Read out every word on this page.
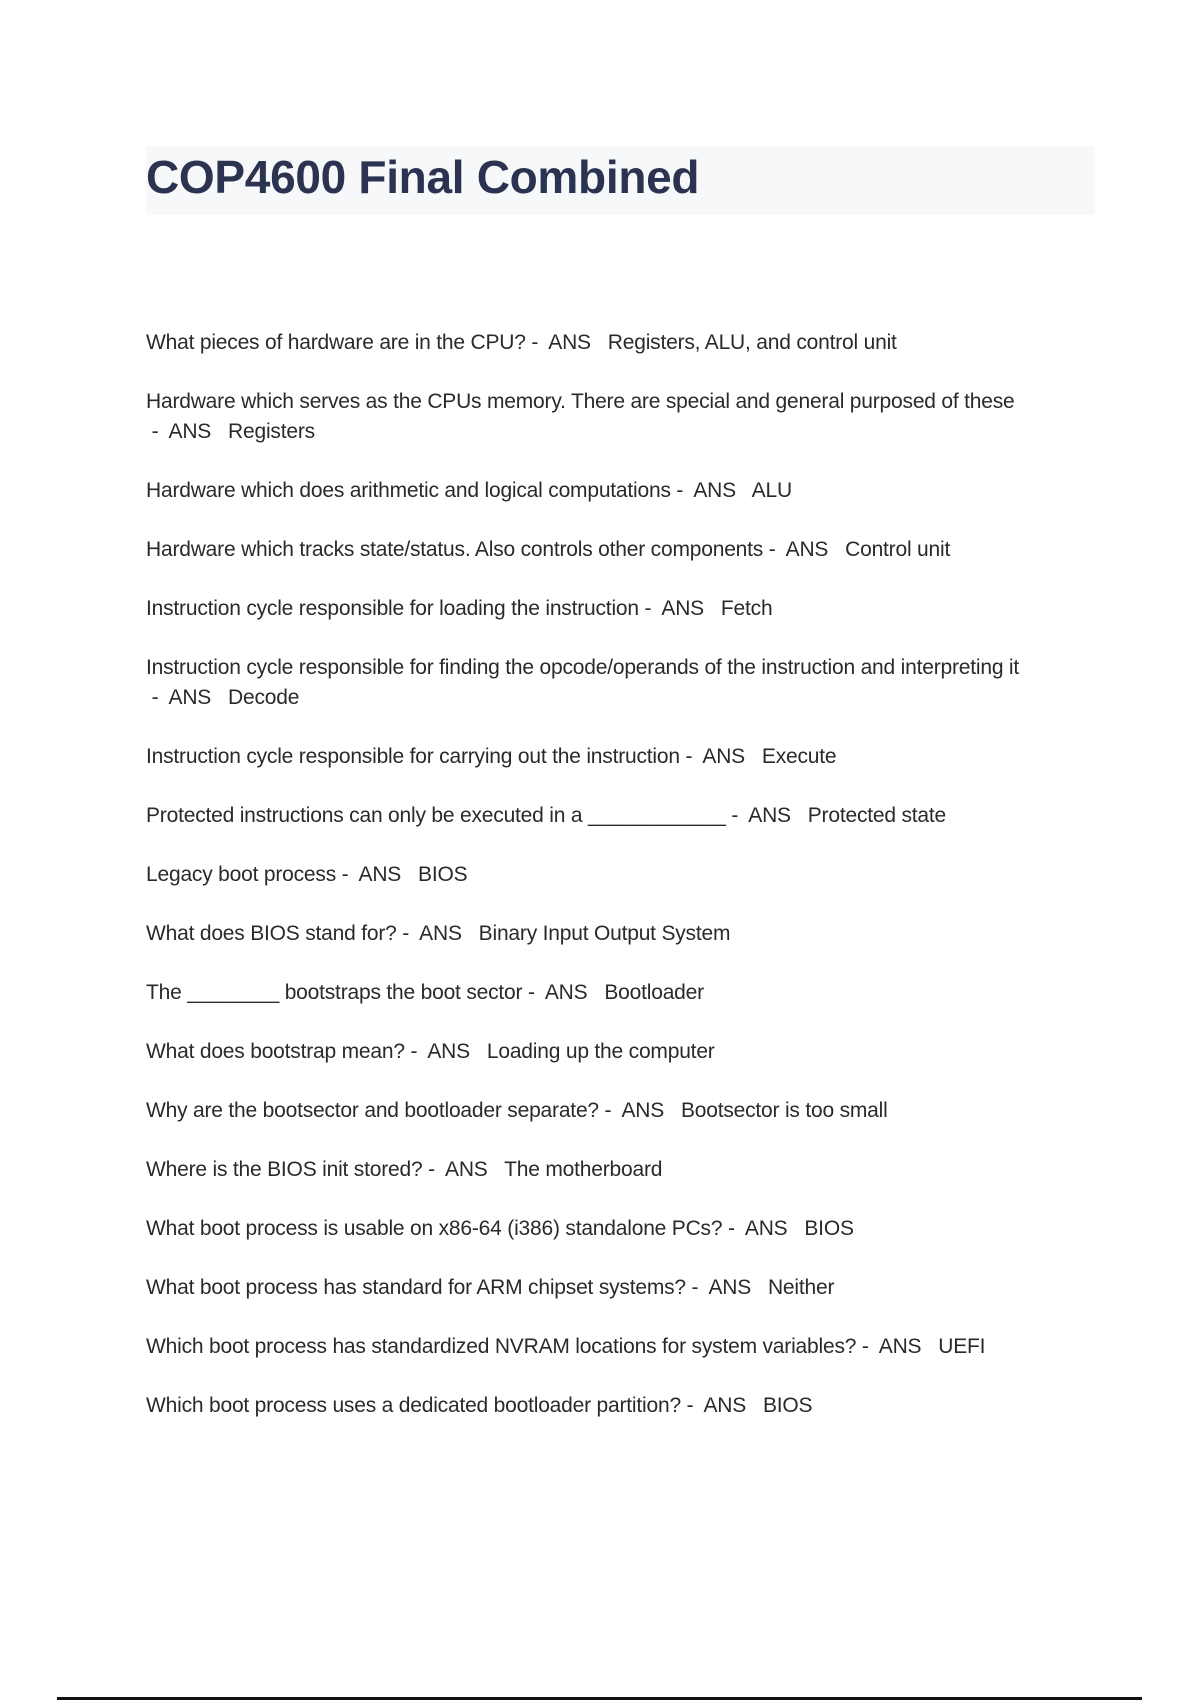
COP4600 Final Combined

What pieces of hardware are in the CPU? -  ANS   Registers, ALU, and control unit

Hardware which serves as the CPUs memory. There are special and general purposed of these -  ANS   Registers

Hardware which does arithmetic and logical computations -  ANS   ALU

Hardware which tracks state/status. Also controls other components -  ANS   Control unit

Instruction cycle responsible for loading the instruction -  ANS   Fetch

Instruction cycle responsible for finding the opcode/operands of the instruction and interpreting it -  ANS   Decode

Instruction cycle responsible for carrying out the instruction -  ANS   Execute

Protected instructions can only be executed in a ____________ -  ANS   Protected state

Legacy boot process -  ANS   BIOS

What does BIOS stand for? -  ANS   Binary Input Output System

The ________ bootstraps the boot sector -  ANS   Bootloader

What does bootstrap mean? -  ANS   Loading up the computer

Why are the bootsector and bootloader separate? -  ANS   Bootsector is too small

Where is the BIOS init stored? -  ANS   The motherboard

What boot process is usable on x86-64 (i386) standalone PCs? -  ANS   BIOS

What boot process has standard for ARM chipset systems? -  ANS   Neither

Which boot process has standardized NVRAM locations for system variables? -  ANS   UEFI

Which boot process uses a dedicated bootloader partition? -  ANS   BIOS
